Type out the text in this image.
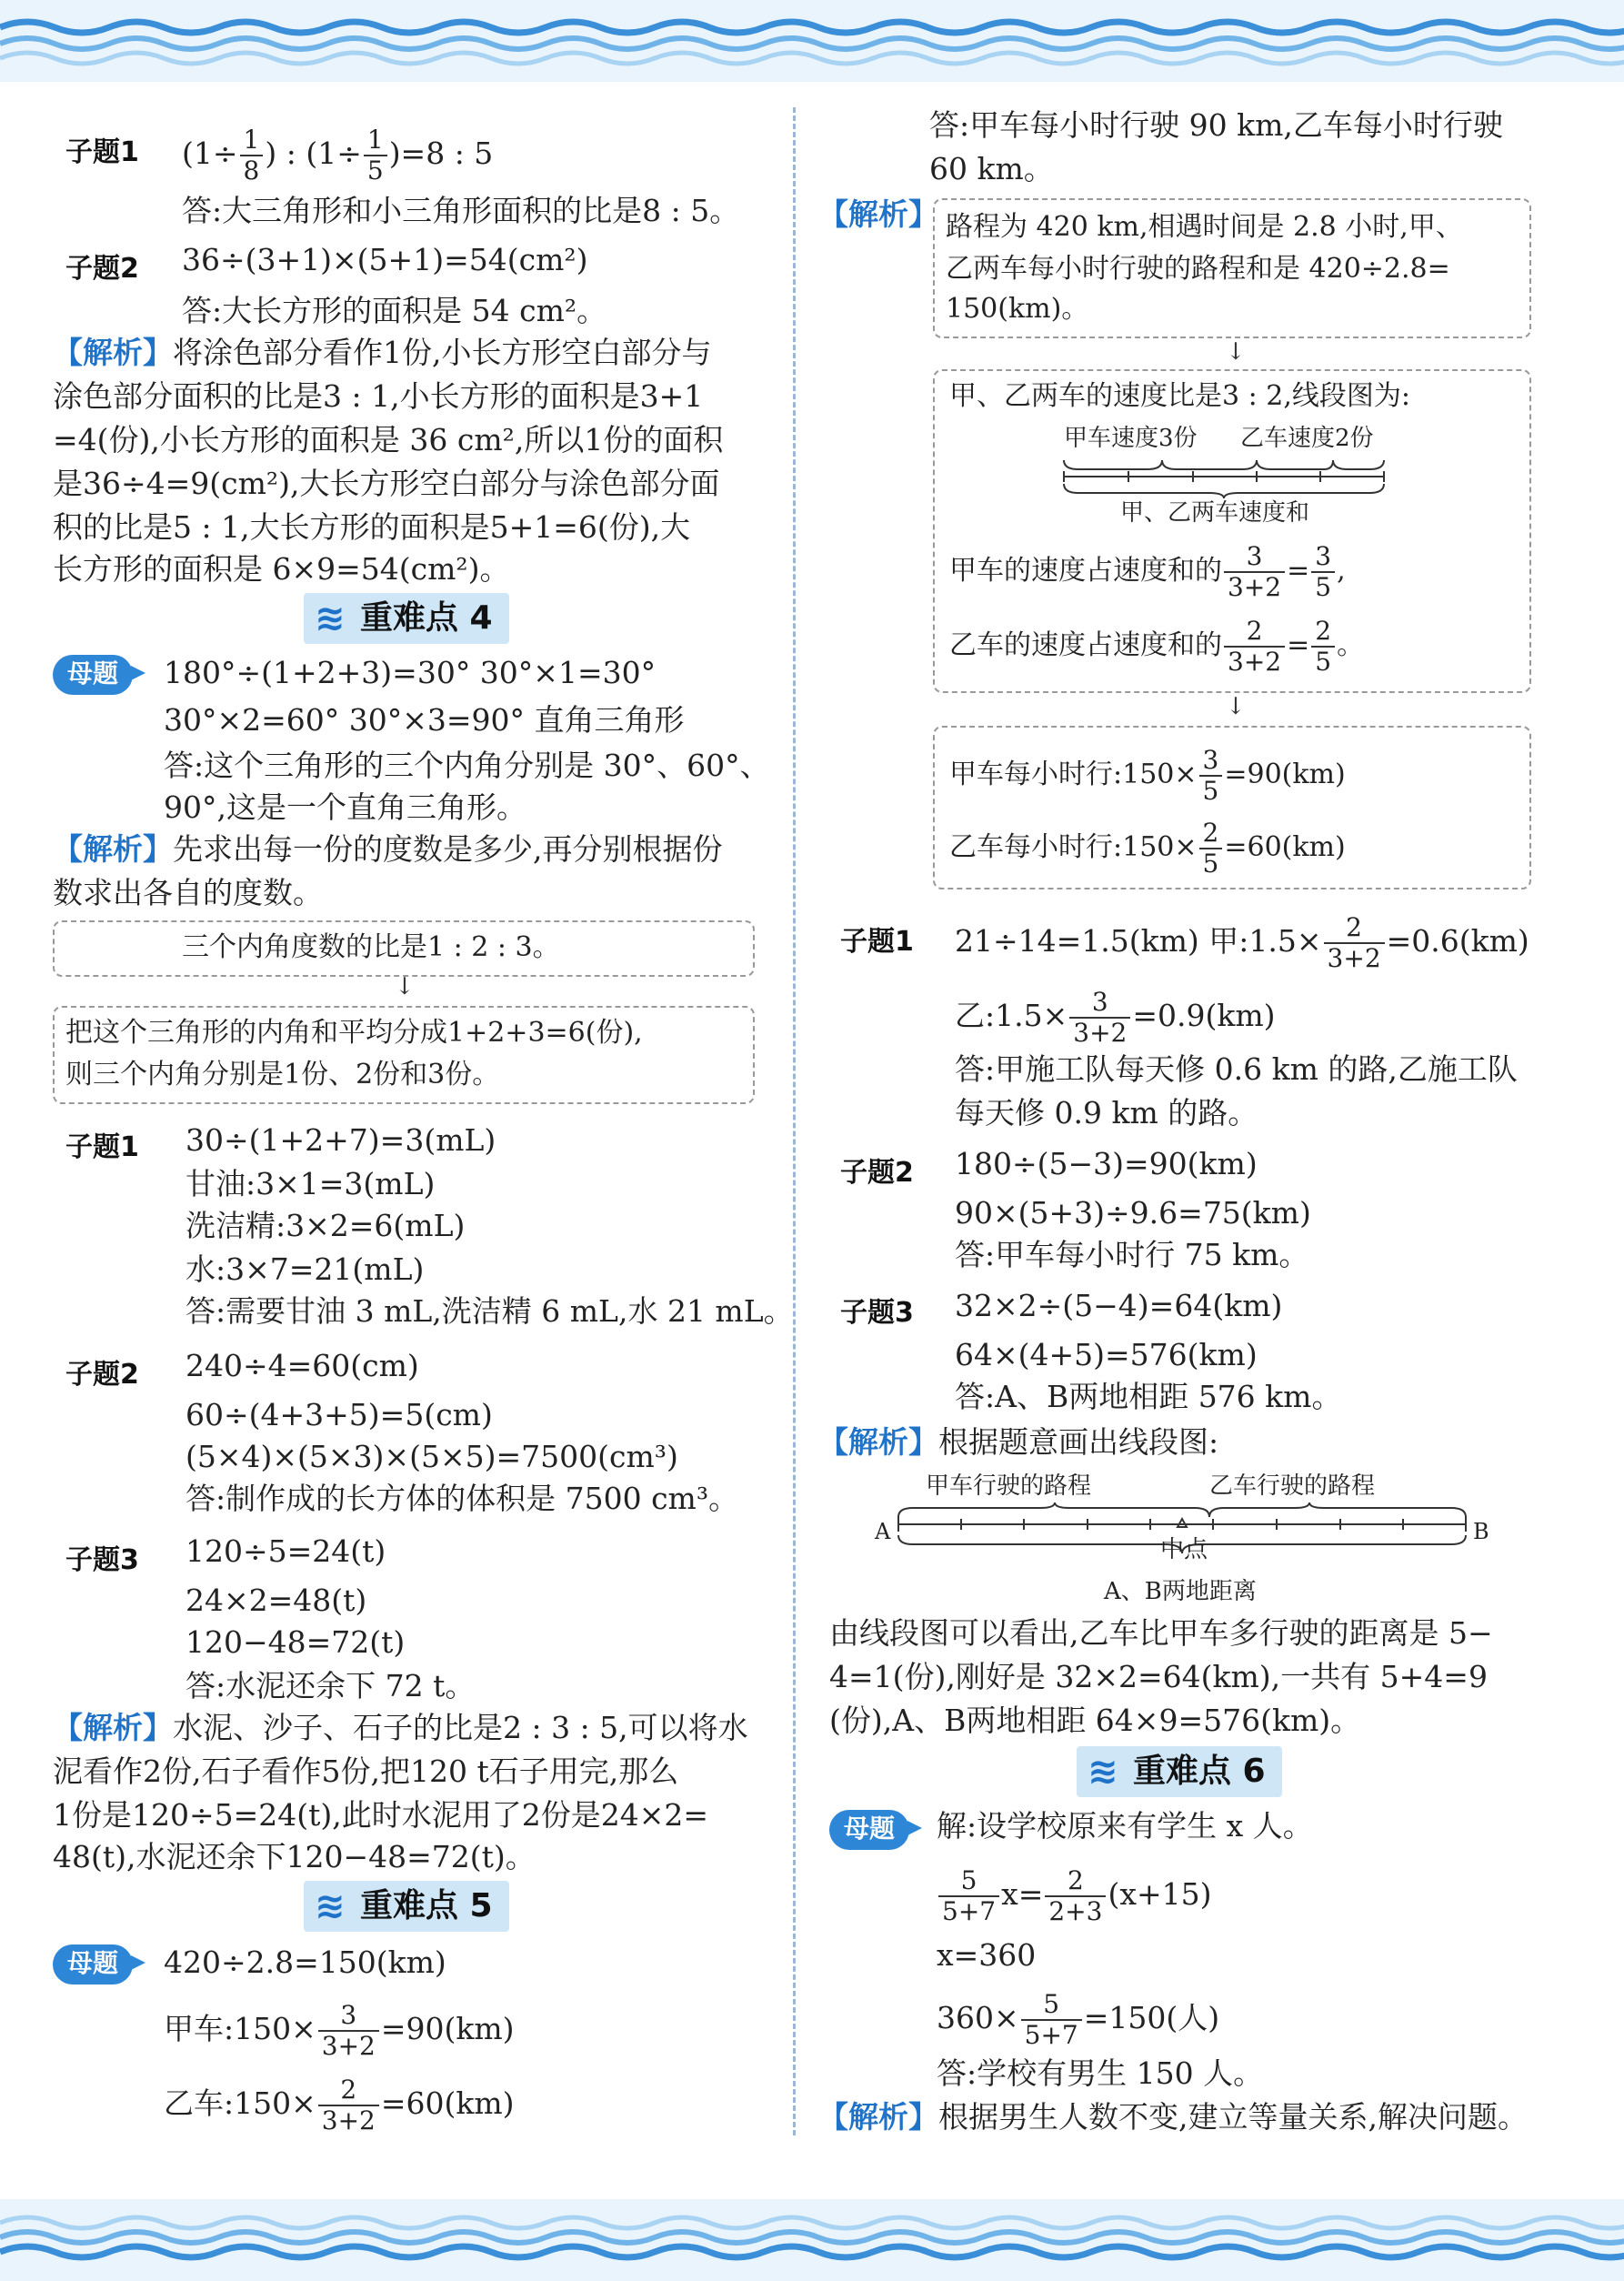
子题1 ($1\div \frac{1}{8}$ ) : $(1\div \frac{1}{5} )=8$ : 5
答:大三角形和小三角形面积的比是8 : 5。
子题2 36÷(3+1)×(5+1)=54(cm²)
答:大长方形的面积是 54 cm²。
【解析】将涂色部分看作1份,小长方形空白部分与
涂色部分面积的比是3 : 1,小长方形的面积是3+1
=4(份),小长方形的面积是 36 cm²,所以1份的面积
是36÷4=9(cm²),大长方形空白部分与涂色部分面
积的比是5 : 1,大长方形的面积是5+1=6(份),大
长方形的面积是 6×9=54(cm²)。
≋ 重难点 4
母题	180°÷(1+2+3)=30° 30°×1=30°
30°×2=60° 30°×3=90° 直角三角形
答:这个三角形的三个内角分别是 30°、60°、
90°,这是一个直角三角形。
【解析】先求出每一份的度数是多少,再分别根据份
数求出各自的度数。
三个内角度数的比是1 : 2 : 3。
↓
把这个三角形的内角和平均分成1+2+3=6(份),
则三个内角分别是1份、2份和3份。
子题1 30÷(1+2+7)=3(mL)
甘油:3×1=3(mL)
洗洁精:3×2=6(mL)
水:3×7=21(mL)
答:需要甘油 3 mL,洗洁精 6 mL,水 21 mL。
子题2 240÷4=60(cm)
60÷(4+3+5)=5(cm)
(5×4)×(5×3)×(5×5)=7500(cm³)
答:制作成的长方体的体积是 7500 cm³。
子题3 120÷5=24(t)
24×2=48(t)
120−48=72(t)
答:水泥还余下 72 t。
【解析】水泥、沙子、石子的比是2 : 3 : 5,可以将水
泥看作2份,石子看作5份,把120 t石子用完,那么
1份是120÷5=24(t),此时水泥用了2份是24×2=
48(t),水泥还余下120−48=72(t)。
≋ 重难点 5
母题	420÷2.8=150(km)
甲车:150× $\frac{3}{3+2} =90(km)$
乙车:150× $\frac{2}{3+2} =60(km)$
答:甲车每小时行驶 90 km,乙车每小时行驶
60 km。
【解析】 路程为 420 km,相遇时间是 2.8 小时,甲、
乙两车每小时行驶的路程和是 420÷2.8=
150(km)。
↓
甲、乙两车的速度比是3 : 2,线段图为:
甲车速度3份 乙车速度2份
甲、乙两车速度和
甲车的速度占速度和的 $\frac{3}{3+2} = \frac{3}{5}$ ,
乙车的速度占速度和的 $\frac{2}{3+2} = \frac{2}{5}$ 。
↓
甲车每小时行:150× $\frac{3}{5} =90(km)$
乙车每小时行:150× $\frac{2}{5} =60(km)$
子题1 21÷14=1.5(km) 甲:1.5× $\frac{2}{3+2} =0.6(km)$
乙:1.5× $\frac{3}{3+2} =0.9(km)$
答:甲施工队每天修 0.6 km 的路,乙施工队
每天修 0.9 km 的路。
子题2 180÷(5−3)=90(km)
90×(5+3)÷9.6=75(km)
答:甲车每小时行 75 km。
子题3 32×2÷(5−4)=64(km)
64×(4+5)=576(km)
答:A、B两地相距 576 km。
【解析】根据题意画出线段图:
甲车行驶的路程	乙车行驶的路程
A	B
中点
A、B两地距离
由线段图可以看出,乙车比甲车多行驶的距离是 5−
4=1(份),刚好是 32×2=64(km),一共有 5+4=9
(份),A、B两地相距 64×9=576(km)。
≋ 重难点 6
母题	解:设学校原来有学生 x 人。
$\frac{5}{5+7} x= \frac{2}{2+3} (x+15)$
x=360
$360\times \frac{5}{5+7} =150$(人)
答:学校有男生 150 人。
【解析】根据男生人数不变,建立等量关系,解决问题。
